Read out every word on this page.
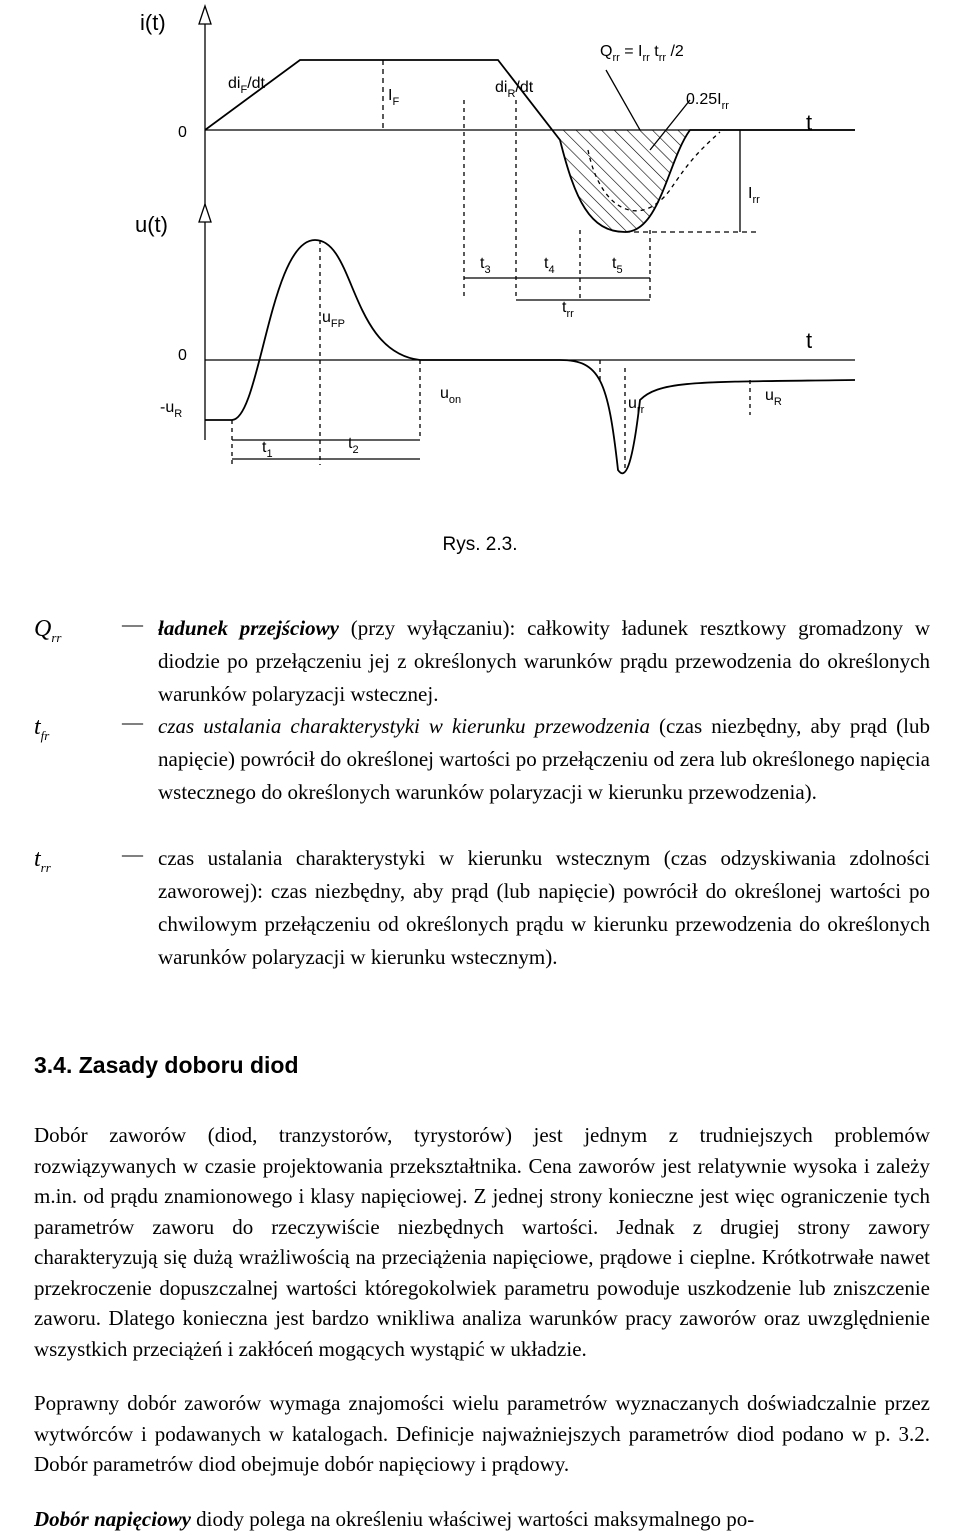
i(t)
u(t)
t
t
0
0
$-u_R$
$di_F/dt$	$di_R/dt$
$I_F$
$Q_{rr} = I_{rr}$ $t_{rr}$ /2
$0.25I_{rr}$
$I_{rr}$
$t_3$	$t_4$	$t_5$
$t_{rr}$
$u_{FP}$
$u_{on}$	$u_{rr}$
$u_R$
$t_1$
$t_2$
Rys. 2.3.
$Q_{rr}$
— ładunek przejściowy (przy wyłączaniu): całkowity ładunek resztkowy gromadzony w diodzie po przełączeniu jej z określonych warunków prądu przewodzenia do określonych warunków polaryzacji wstecznej.
$t_{fr}$
— czas ustalania charakterystyki w kierunku przewodzenia (czas niezbędny, aby prąd (lub napięcie) powrócił do określonej wartości po przełączeniu od zera lub określonego napięcia wstecznego do określonych warunków polaryzacji w kierunku przewodzenia).
$t_{rr}$
— czas ustalania charakterystyki w kierunku wstecznym (czas odzyskiwania zdolności zaworowej): czas niezbędny, aby prąd (lub napięcie) powrócił do określonej wartości po chwilowym przełączeniu od określonych prądu w kierunku przewodzenia do określonych warunków polaryzacji w kierunku wstecznym).
3.4. Zasady doboru diod
Dobór zaworów (diod, tranzystorów, tyrystorów) jest jednym z trudniejszych problemów rozwiązywanych w czasie projektowania przekształtnika. Cena zaworów jest relatywnie wysoka i zależy m.in. od prądu znamionowego i klasy napięciowej. Z jednej strony konieczne jest więc ograniczenie tych parametrów zaworu do rzeczywiście niezbędnych wartości. Jednak z drugiej strony zawory charakteryzują się dużą wrażliwością na przeciążenia napięciowe, prądowe i cieplne. Krótkotrwałe nawet przekroczenie dopuszczalnej wartości któregokolwiek parametru powoduje uszkodzenie lub zniszczenie zaworu. Dlatego konieczna jest bardzo wnikliwa analiza warunków pracy zaworów oraz uwzględnienie wszystkich przeciążeń i zakłóceń mogących wystąpić w układzie.
Poprawny dobór zaworów wymaga znajomości wielu parametrów wyznaczanych doświadczalnie przez wytwórców i podawanych w katalogach. Definicje najważniejszych parametrów diod podano w p. 3.2. Dobór parametrów diod obejmuje dobór napięciowy i prądowy.
Dobór napięciowy diody polega na określeniu właściwej wartości maksymalnego po-
